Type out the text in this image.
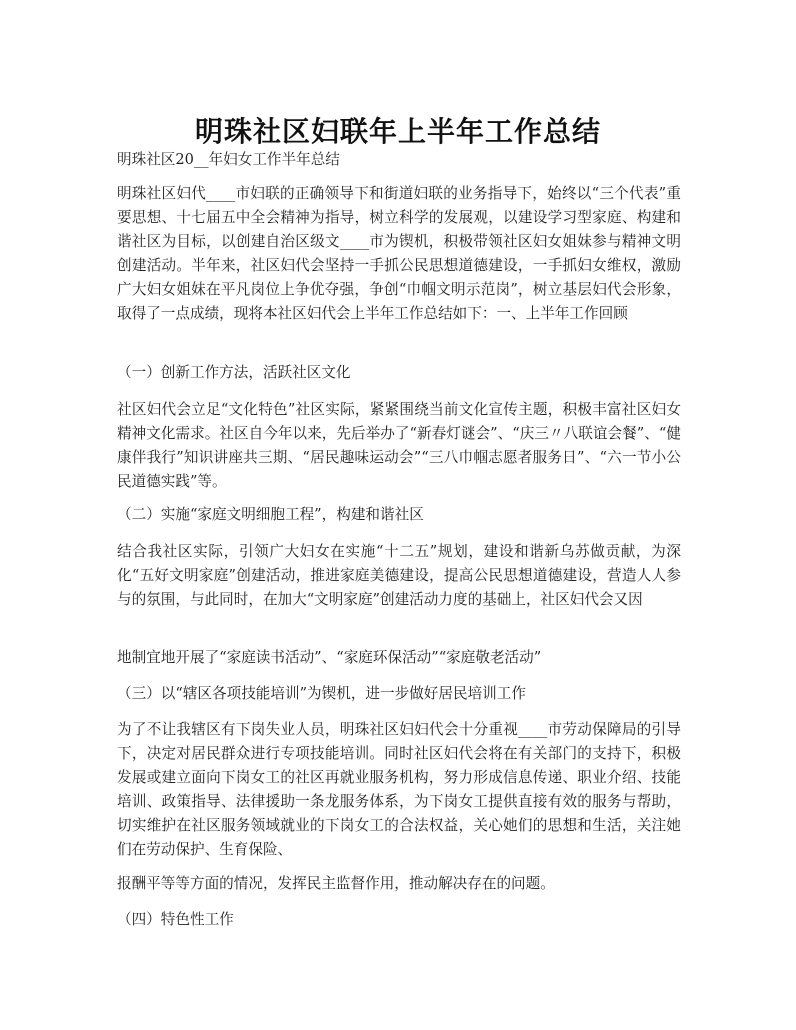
明珠社区妇联年上半年工作总结

明珠社区20__年妇女工作半年总结

明珠社区妇代____市妇联的正确领导下和街道妇联的业务指导下，始终以“三个代表”重要思想、十七届五中全会精神为指导，树立科学的发展观，以建设学习型家庭、构建和谐社区为目标，以创建自治区级文____市为锲机，积极带领社区妇女姐妹参与精神文明创建活动。半年来，社区妇代会坚持一手抓公民思想道德建设，一手抓妇女维权，激励广大妇女姐妹在平凡岗位上争优夺强，争创“巾帼文明示范岗”，树立基层妇代会形象，取得了一点成绩，现将本社区妇代会上半年工作总结如下：一、上半年工作回顾

（一）创新工作方法，活跃社区文化

社区妇代会立足“文化特色”社区实际，紧紧围绕当前文化宣传主题，积极丰富社区妇女精神文化需求。社区自今年以来，先后举办了“新春灯谜会”、“庆三〃八联谊会餐”、“健康伴我行”知识讲座共三期、“居民趣味运动会”“三八巾帼志愿者服务日”、“六一节小公民道德实践”等。

（二）实施“家庭文明细胞工程”，构建和谐社区

结合我社区实际，引领广大妇女在实施“十二五”规划，建设和谐新乌苏做贡献，为深化“五好文明家庭”创建活动，推进家庭美德建设，提高公民思想道德建设，营造人人参与的氛围，与此同时，在加大“文明家庭”创建活动力度的基础上，社区妇代会又因

地制宜地开展了“家庭读书活动”、“家庭环保活动”“家庭敬老活动”

（三）以“辖区各项技能培训”为锲机，进一步做好居民培训工作

为了不让我辖区有下岗失业人员，明珠社区妇妇代会十分重视____市劳动保障局的引导下，决定对居民群众进行专项技能培训。同时社区妇代会将在有关部门的支持下，积极发展或建立面向下岗女工的社区再就业服务机构，努力形成信息传递、职业介绍、技能培训、政策指导、法律援助一条龙服务体系，为下岗女工提供直接有效的服务与帮助，切实维护在社区服务领域就业的下岗女工的合法权益，关心她们的思想和生活，关注她们在劳动保护、生育保险、

报酬平等等方面的情况，发挥民主监督作用，推动解决存在的问题。

（四）特色性工作
